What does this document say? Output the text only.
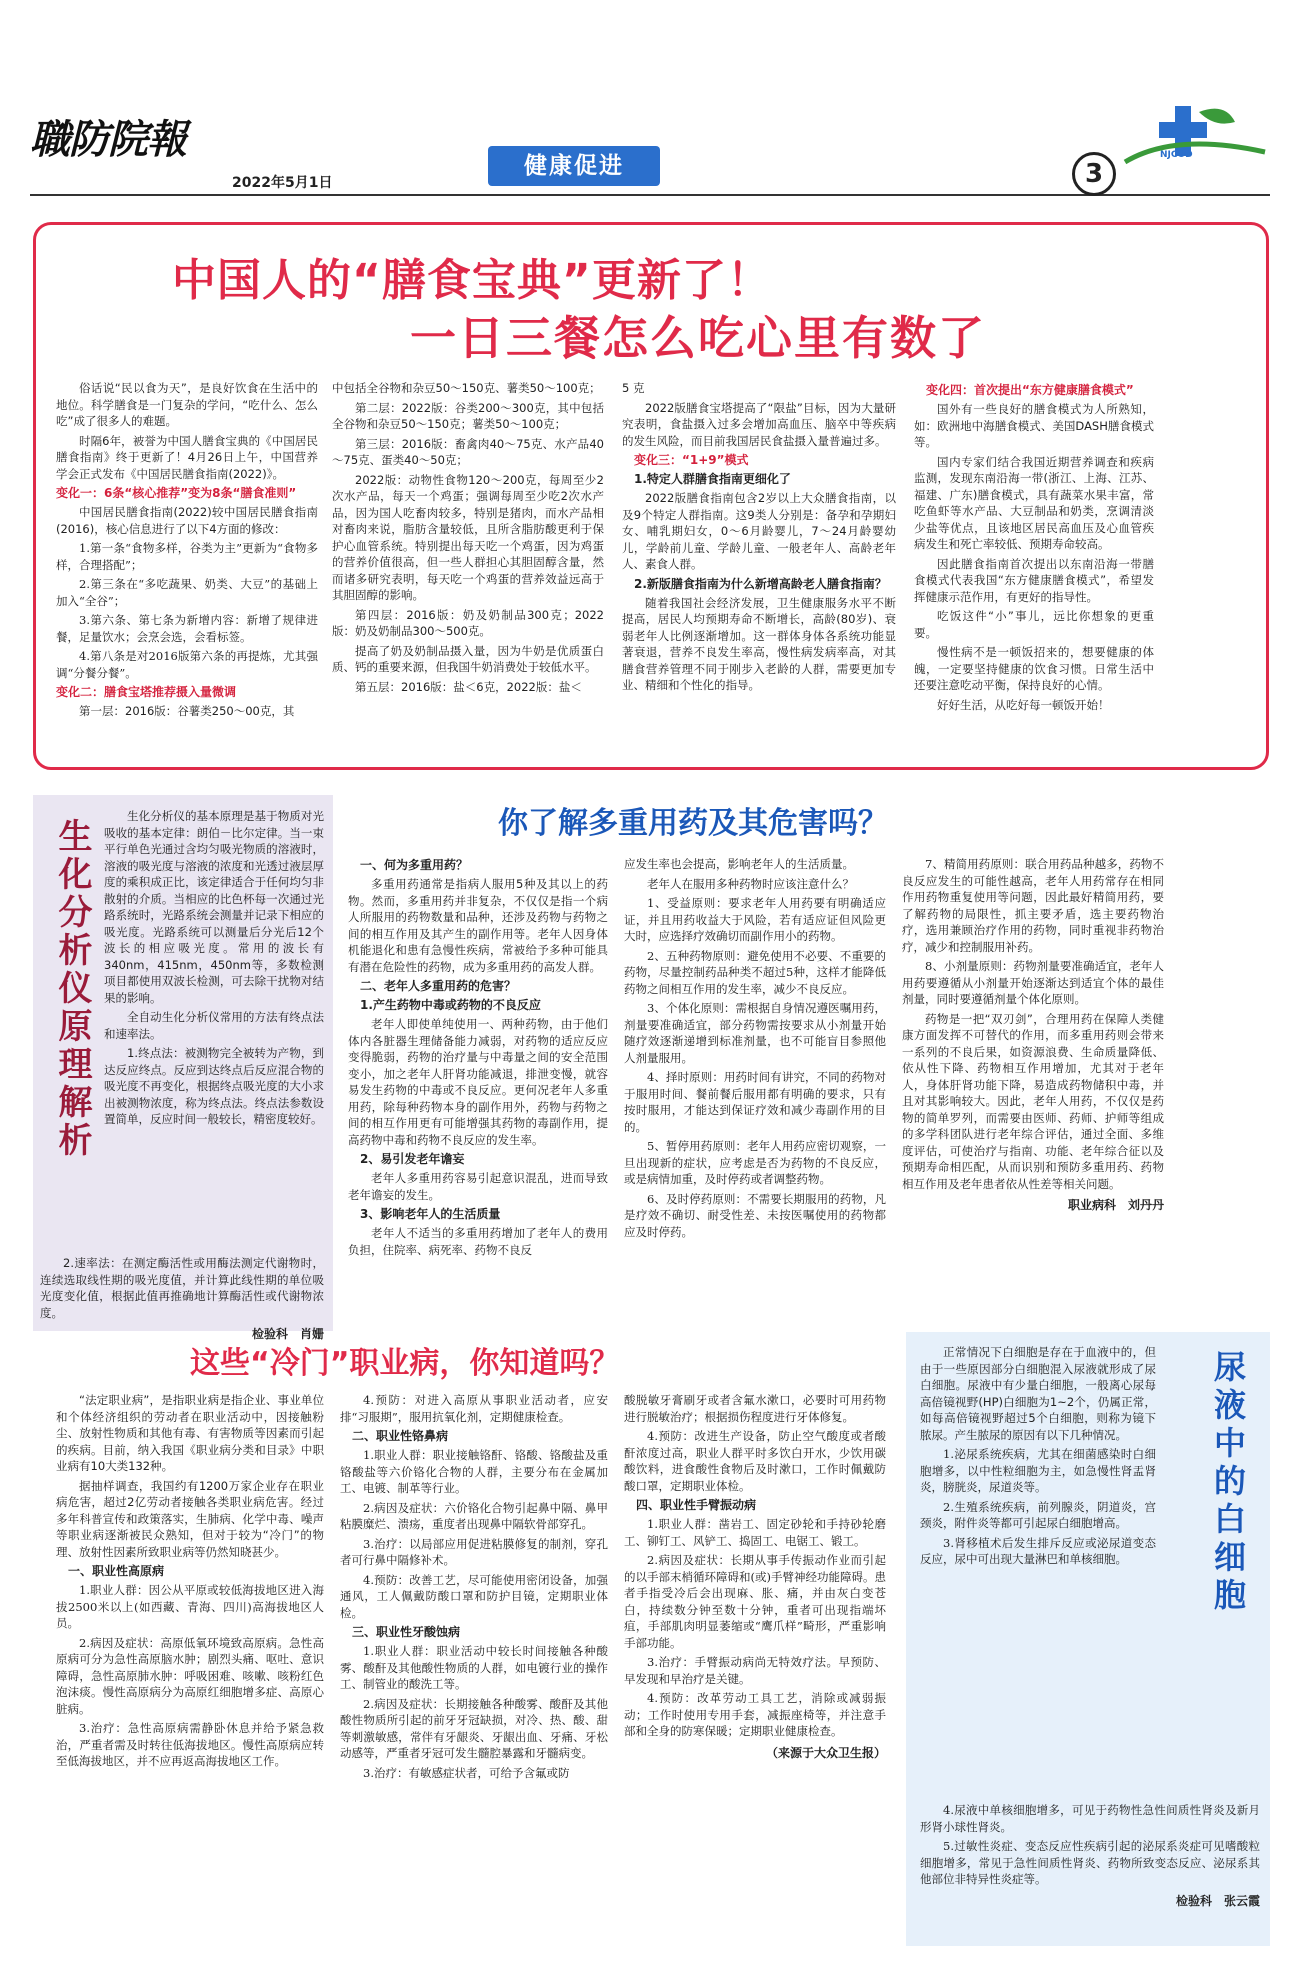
職防院報
2022年5月1日
健康促进	3
NJCOD
中国人的“膳食宝典”更新了！
一日三餐怎么吃心里有数了

俗话说“民以食为天”，是良好饮食在生活中的地位。科学膳食是一门复杂的学问，“吃什么、怎么吃”成了很多人的难题。

时隔6年，被誉为中国人膳食宝典的《中国居民膳食指南》终于更新了！4月26日上午，中国营养学会正式发布《中国居民膳食指南(2022)》。

变化一：6条“核心推荐”变为8条“膳食准则”

中国居民膳食指南(2022)较中国居民膳食指南(2016)，核心信息进行了以下4方面的修改：

1.第一条“食物多样，谷类为主”更新为“食物多样，合理搭配”；

2.第三条在“多吃蔬果、奶类、大豆”的基础上加入“全谷”；

3.第六条、第七条为新增内容：新增了规律进餐，足量饮水；会烹会选，会看标签。

4.第八条是对2016版第六条的再提炼，尤其强调“分餐分餐”。

变化二：膳食宝塔推荐摄入量微调

第一层：2016版：谷薯类250～00克，其

中包括全谷物和杂豆50～150克、薯类50～100克；

第二层：2022版：谷类200～300克，其中包括全谷物和杂豆50～150克；薯类50～100克；

第三层：2016版：畜禽肉40～75克、水产品40～75克、蛋类40～50克；

2022版：动物性食物120～200克，每周至少2次水产品，每天一个鸡蛋；强调每周至少吃2次水产品，因为国人吃畜肉较多，特别是猪肉，而水产品相对畜肉来说，脂肪含量较低，且所含脂肪酸更利于保护心血管系统。特别提出每天吃一个鸡蛋，因为鸡蛋的营养价值很高，但一些人群担心其胆固醇含量，然而诸多研究表明，每天吃一个鸡蛋的营养效益远高于其胆固醇的影响。

第四层：2016版：奶及奶制品300克；2022版：奶及奶制品300～500克。

提高了奶及奶制品摄入量，因为牛奶是优质蛋白质、钙的重要来源，但我国牛奶消费处于较低水平。

第五层：2016版：盐＜6克，2022版：盐＜

5 克

2022版膳食宝塔提高了“限盐”目标，因为大量研究表明，食盐摄入过多会增加高血压、脑卒中等疾病的发生风险，而目前我国居民食盐摄入量普遍过多。

变化三：“1+9”模式

1.特定人群膳食指南更细化了

2022版膳食指南包含2岁以上大众膳食指南，以及9个特定人群指南。这9类人分别是：备孕和孕期妇女、哺乳期妇女，0～6月龄婴儿，7～24月龄婴幼儿，学龄前儿童、学龄儿童、一般老年人、高龄老年人、素食人群。

2.新版膳食指南为什么新增高龄老人膳食指南？

随着我国社会经济发展，卫生健康服务水平不断提高，居民人均预期寿命不断增长，高龄(80岁)、衰弱老年人比例逐渐增加。这一群体身体各系统功能显著衰退，营养不良发生率高，慢性病发病率高，对其膳食营养管理不同于刚步入老龄的人群，需要更加专业、精细和个性化的指导。

变化四：首次提出“东方健康膳食模式”

国外有一些良好的膳食模式为人所熟知，如：欧洲地中海膳食模式、美国DASH膳食模式等。

国内专家们结合我国近期营养调查和疾病监测，发现东南沿海一带(浙江、上海、江苏、福建、广东)膳食模式，具有蔬菜水果丰富，常吃鱼虾等水产品、大豆制品和奶类，烹调清淡少盐等优点，且该地区居民高血压及心血管疾病发生和死亡率较低、预期寿命较高。

因此膳食指南首次提出以东南沿海一带膳食模式代表我国“东方健康膳食模式”，希望发挥健康示范作用，有更好的指导性。

吃饭这件“小”事儿，远比你想象的更重要。

慢性病不是一顿饭招来的，想要健康的体魄，一定要坚持健康的饮食习惯。日常生活中还要注意吃动平衡，保持良好的心情。

好好生活，从吃好每一顿饭开始！

生化分析仪原理解析

生化分析仪的基本原理是基于物质对光吸收的基本定律：朗伯－比尔定律。当一束平行单色光通过含均匀吸光物质的溶液时，溶液的吸光度与溶液的浓度和光透过液层厚度的乘积成正比，该定律适合于任何均匀非散射的介质。当相应的比色杯每一次通过光路系统时，光路系统会测量并记录下相应的吸光度。光路系统可以测量后分光后12个波长的相应吸光度。常用的波长有340nm，415nm，450nm等，多数检测项目都使用双波长检测，可去除干扰物对结果的影响。

全自动生化分析仪常用的方法有终点法和速率法。

1.终点法：被测物完全被转为产物，到达反应终点。反应到达终点后反应混合物的吸光度不再变化，根据终点吸光度的大小求出被测物浓度，称为终点法。终点法参数设置简单，反应时间一般较长，精密度较好。

2.速率法：在测定酶活性或用酶法测定代谢物时，连续选取线性期的吸光度值，并计算此线性期的单位吸光度变化值，根据此值再推确地计算酶活性或代谢物浓度。

检验科　肖姗

你了解多重用药及其危害吗？

一、何为多重用药？

多重用药通常是指病人服用5种及其以上的药物。然而，多重用药并非复杂，不仅仅是指一个病人所服用的药物数量和品种，还涉及药物与药物之间的相互作用及其产生的副作用等。老年人因身体机能退化和患有急慢性疾病，常被给予多种可能具有潜在危险性的药物，成为多重用药的高发人群。

二、老年人多重用药的危害？

1.产生药物中毒或药物的不良反应

老年人即使单纯使用一、两种药物，由于他们体内各脏器生理储备能力减弱，对药物的适应反应变得脆弱，药物的治疗量与中毒量之间的安全范围变小，加之老年人肝肾功能减退，排泄变慢，就容易发生药物的中毒或不良反应。更何况老年人多重用药，除每种药物本身的副作用外，药物与药物之间的相互作用更有可能增强其药物的毒副作用，提高药物中毒和药物不良反应的发生率。

2、易引发老年谵妄

老年人多重用药容易引起意识混乱，进而导致老年谵妄的发生。

3、影响老年人的生活质量

老年人不适当的多重用药增加了老年人的费用负担，住院率、病死率、药物不良反

应发生率也会提高，影响老年人的生活质量。

老年人在服用多种药物时应该注意什么？

1、受益原则：要求老年人用药要有明确适应证，并且用药收益大于风险，若有适应证但风险更大时，应选择疗效确切而副作用小的药物。

2、五种药物原则：避免使用不必要、不重要的药物，尽量控制药品种类不超过5种，这样才能降低药物之间相互作用的发生率，减少不良反应。

3、个体化原则：需根据自身情况遵医嘱用药，剂量要准确适宜，部分药物需按要求从小剂量开始随疗效逐渐递增到标准剂量，也不可能盲目参照他人剂量服用。

4、择时原则：用药时间有讲究，不同的药物对于服用时间、餐前餐后服用都有明确的要求，只有按时服用，才能达到保证疗效和减少毒副作用的目的。

5、暂停用药原则：老年人用药应密切观察，一旦出现新的症状，应考虑是否为药物的不良反应，或是病情加重，及时停药或者调整药物。

6、及时停药原则：不需要长期服用的药物，凡是疗效不确切、耐受性差、未按医嘱使用的药物都应及时停药。

7、精简用药原则：联合用药品种越多，药物不良反应发生的可能性越高，老年人用药常存在相同作用药物重复使用等问题，因此最好精简用药，要了解药物的局限性，抓主要矛盾，选主要药物治疗，选用兼顾治疗作用的药物，同时重视非药物治疗，减少和控制服用补药。

8、小剂量原则：药物剂量要准确适宜，老年人用药要遵循从小剂量开始逐渐达到适宜个体的最佳剂量，同时要遵循剂量个体化原则。

药物是一把“双刃剑”，合理用药在保障人类健康方面发挥不可替代的作用，而多重用药则会带来一系列的不良后果，如资源浪费、生命质量降低、依从性下降、药物相互作用增加，尤其对于老年人，身体肝肾功能下降，易造成药物储积中毒，并且对其影响较大。因此，老年人用药，不仅仅是药物的简单罗列，而需要由医师、药师、护师等组成的多学科团队进行老年综合评估，通过全面、多维度评估，可使治疗与指南、功能、老年综合征以及预期寿命相匹配，从而识别和预防多重用药、药物相互作用及老年患者依从性差等相关问题。

职业病科　刘丹丹

这些“冷门”职业病，你知道吗？

“法定职业病”，是指职业病是指企业、事业单位和个体经济组织的劳动者在职业活动中，因接触粉尘、放射性物质和其他有毒、有害物质等因素而引起的疾病。目前，纳入我国《职业病分类和目录》中职业病有10大类132种。

据抽样调查，我国约有1200万家企业存在职业病危害，超过2亿劳动者接触各类职业病危害。经过多年科普宣传和政策落实，生肺病、化学中毒、噪声等职业病逐渐被民众熟知，但对于较为“冷门”的物理、放射性因素所致职业病等仍然知晓甚少。

一、职业性高原病

1.职业人群：因公从平原或较低海拔地区进入海拔2500米以上(如西藏、青海、四川)高海拔地区人员。

2.病因及症状：高原低氧环境致高原病。急性高原病可分为急性高原脑水肿；剧烈头痛、呕吐、意识障碍，急性高原肺水肿：呼吸困难、咳嗽、咳粉红色泡沫痰。慢性高原病分为高原红细胞增多症、高原心脏病。

3.治疗：急性高原病需静卧休息并给予紧急救治，严重者需及时转往低海拔地区。慢性高原病应转至低海拔地区，并不应再返高海拔地区工作。

4.预防：对进入高原从事职业活动者，应安排“习服期”，服用抗氧化剂，定期健康检查。

二、职业性铬鼻病

1.职业人群：职业接触铬酐、铬酸、铬酸盐及重铬酸盐等六价铬化合物的人群，主要分布在金属加工、电镀、制革等行业。

2.病因及症状：六价铬化合物引起鼻中隔、鼻甲粘膜糜烂、溃疡，重度者出现鼻中隔软骨部穿孔。

3.治疗：以局部应用促进粘膜修复的制剂，穿孔者可行鼻中隔修补术。

4.预防：改善工艺，尽可能使用密闭设备，加强通风，工人佩戴防酸口罩和防护目镜，定期职业体检。

三、职业性牙酸蚀病

1.职业人群：职业活动中较长时间接触各种酸雾、酸酐及其他酸性物质的人群，如电镀行业的操作工、制管业的酸洗工等。

2.病因及症状：长期接触各种酸雾、酸酐及其他酸性物质所引起的前牙牙冠缺损，对冷、热、酸、甜等刺激敏感，常伴有牙龈炎、牙龈出血、牙痛、牙松动感等，严重者牙冠可发生髓腔暴露和牙髓病变。

3.治疗：有敏感症状者，可给予含氟或防

酸脱敏牙膏刷牙或者含氟水漱口，必要时可用药物进行脱敏治疗；根据损伤程度进行牙体修复。

4.预防：改进生产设备，防止空气酸度或者酸酐浓度过高，职业人群平时多饮白开水，少饮用碳酸饮料，进食酸性食物后及时漱口，工作时佩戴防酸口罩，定期职业体检。

四、职业性手臂振动病

1.职业人群：凿岩工、固定砂轮和手持砂轮磨工、铆钉工、风铲工、捣固工、电锯工、锻工。

2.病因及症状：长期从事手传振动作业而引起的以手部末梢循环障碍和(或)手臂神经功能障碍。患者手指受冷后会出现麻、胀、痛，并由灰白变苍白，持续数分钟至数十分钟，重者可出现指端坏疽，手部肌肉明显萎缩或“鹰爪样”畸形，严重影响手部功能。

3.治疗：手臂振动病尚无特效疗法。早预防、早发现和早治疗是关键。

4.预防：改革劳动工具工艺，消除或减弱振动；工作时使用专用手套，减振座椅等，并注意手部和全身的防寒保暖；定期职业健康检查。

（来源于大众卫生报）

尿液中的白细胞

正常情况下白细胞是存在于血液中的，但由于一些原因部分白细胞混入尿液就形成了尿白细胞。尿液中有少量白细胞，一般离心尿每高倍镜视野(HP)白细胞为1~2个，仍属正常，如每高倍镜视野超过5个白细胞，则称为镜下脓尿。产生脓尿的原因有以下几种情况。

1.泌尿系统疾病，尤其在细菌感染时白细胞增多，以中性粒细胞为主，如急慢性肾盂肾炎，膀胱炎，尿道炎等。

2.生殖系统疾病，前列腺炎，阴道炎，宫颈炎，附件炎等都可引起尿白细胞增高。

3.肾移植术后发生排斥反应或泌尿道变态反应，尿中可出现大量淋巴和单核细胞。

4.尿液中单核细胞增多，可见于药物性急性间质性肾炎及新月形肾小球性肾炎。

5.过敏性炎症、变态反应性疾病引起的泌尿系炎症可见嗜酸粒细胞增多，常见于急性间质性肾炎、药物所致变态反应、泌尿系其他部位非特异性炎症等。

检验科　张云霞
